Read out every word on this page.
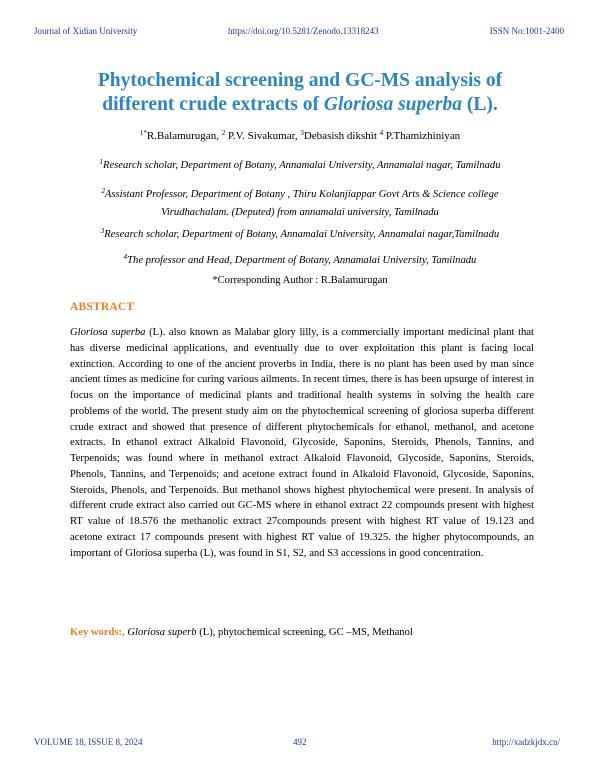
Journal of Xidian University	https://doi.org/10.5281/Zenodo.13318243	ISSN No:1001-2400
Phytochemical screening and GC-MS analysis of
different crude extracts of Gloriosa superba (L).
$^{1*}$R.Balamurugan, $^2$ P.V. Sivakumar, $^3$Debasish dikshit $^4$ P.Thamizhiniyan
$^1$Research scholar, Department of Botany, Annamalai University, Annamalai nagar, Tamilnadu
$^2$Assistant Professor, Department of Botany , Thiru Kolanjiappar Govt Arts & Science college
Virudhachalam. (Deputed) from annamalai university, Tamilnadu
$^3$Research scholar, Department of Botany, Annamalai University, Annamalai nagar,Tamilnadu
$^4$The professor and Head, Department of Botany, Annamalai University, Tamilnadu
*Corresponding Author : R.Balamurugan
ABSTRACT

Gloriosa superba (L). also known as Malabar glory lilly, is a commercially important medicinal plant that has diverse medicinal applications, and eventually due to over exploitation this plant is facing local extinction. According to one of the ancient proverbs in India, there is no plant has been used by man since ancient times as medicine for curing various ailments. In recent times, there is has been upsurge of interest in focus on the importance of medicinal plants and traditional health systems in solving the health care problems of the world. The present study aim on the phytochemical screening of gloriosa superba different crude extract and showed that presence of different phytochemicals for ethanol, methanol, and acetone extracts. In ethanol extract Alkaloid Flavonoid, Glycoside, Saponins, Steroids, Phenols, Tannins, and Terpenoids; was found where in methanol extract Alkaloid Flavonoid, Glycoside, Saponins, Steroids, Phenols, Tannins, and Terpenoids; and acetone extract found in Alkaloid Flavonoid, Glycoside, Saponins, Steroids, Phenols, and Terpenoids. But methanol shows highest phytochemical were present. In analysis of different crude extract also carried out GC-MS where in ethanol extract 22 compounds present with highest RT value of 18.576 the methanolic extract 27compounds present with highest RT value of 19.123 and acetone extract 17 compounds present with highest RT value of 19.325. the higher phytocompounds, an important of Gloriosa superba (L), was found in S1, S2, and S3 accessions in good concentration.

Key words:, Gloriosa superb (L), phytochemical screening, GC –MS, Methanol
VOLUME 18, ISSUE 8, 2024	492	http://xadzkjdx.cn/
